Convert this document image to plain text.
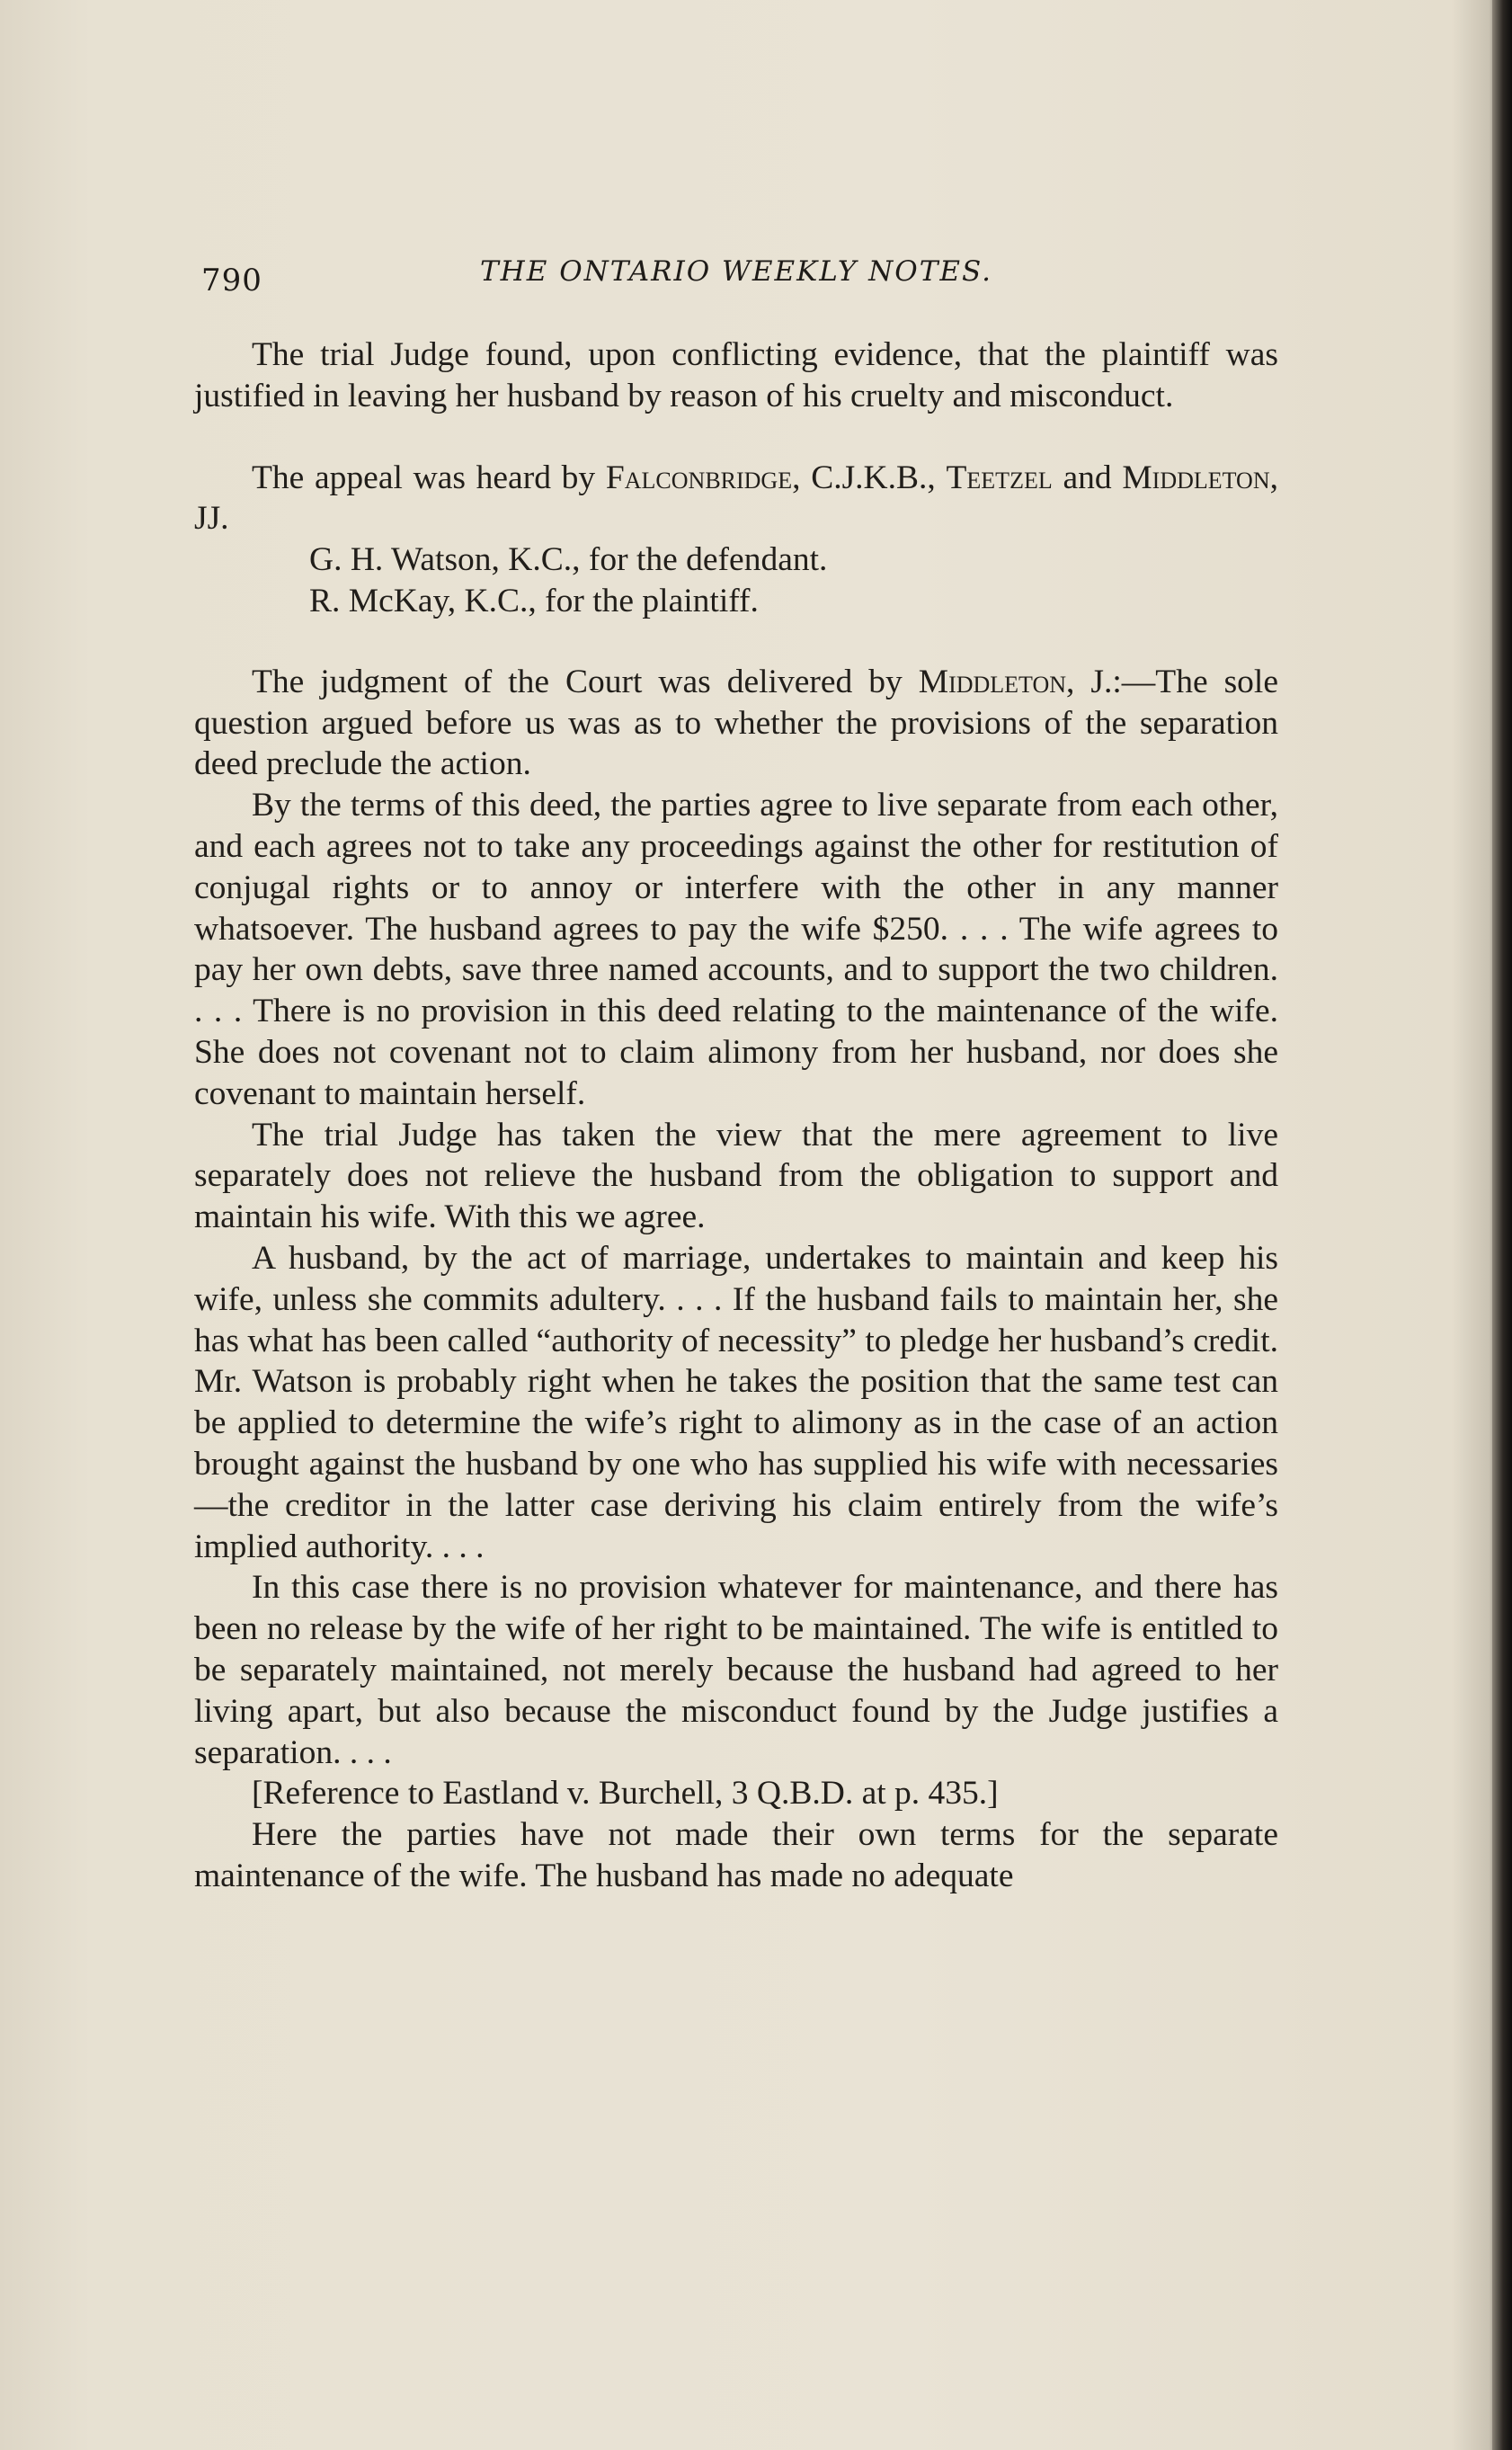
790	THE ONTARIO WEEKLY NOTES.

The trial Judge found, upon conflicting evidence, that the plaintiff was justified in leaving her husband by reason of his cruelty and misconduct.

The appeal was heard by Falconbridge, C.J.K.B., Teetzel and Middleton, JJ.

G. H. Watson, K.C., for the defendant.

R. McKay, K.C., for the plaintiff.

The judgment of the Court was delivered by Middleton, J.:—The sole question argued before us was as to whether the provisions of the separation deed preclude the action.

By the terms of this deed, the parties agree to live separate from each other, and each agrees not to take any proceedings against the other for restitution of conjugal rights or to annoy or interfere with the other in any manner whatsoever. The husband agrees to pay the wife $250. . . . The wife agrees to pay her own debts, save three named accounts, and to support the two children. . . . There is no provision in this deed relating to the maintenance of the wife. She does not covenant not to claim alimony from her husband, nor does she covenant to maintain herself.

The trial Judge has taken the view that the mere agreement to live separately does not relieve the husband from the obligation to support and maintain his wife. With this we agree.

A husband, by the act of marriage, undertakes to maintain and keep his wife, unless she commits adultery. . . . If the husband fails to maintain her, she has what has been called “authority of necessity” to pledge her husband’s credit. Mr. Watson is probably right when he takes the position that the same test can be applied to determine the wife’s right to alimony as in the case of an action brought against the husband by one who has supplied his wife with necessaries—the creditor in the latter case deriving his claim entirely from the wife’s implied authority. . . .

In this case there is no provision whatever for maintenance, and there has been no release by the wife of her right to be maintained. The wife is entitled to be separately maintained, not merely because the husband had agreed to her living apart, but also because the misconduct found by the Judge justifies a separation. . . .

[Reference to Eastland v. Burchell, 3 Q.B.D. at p. 435.]

Here the parties have not made their own terms for the separate maintenance of the wife. The husband has made no adequate
